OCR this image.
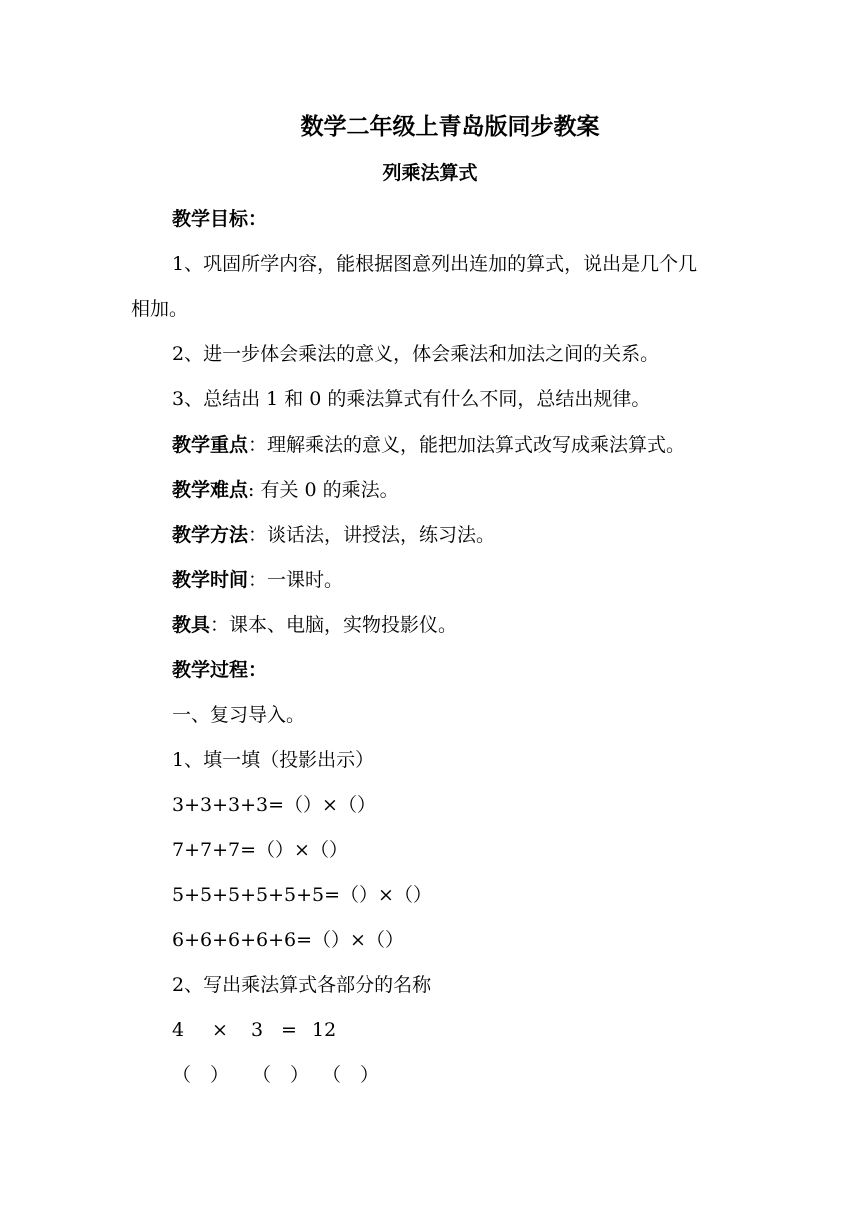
数学二年级上青岛版同步教案
列乘法算式
教学目标：
1、巩固所学内容，能根据图意列出连加的算式，说出是几个几
相加。
2、进一步体会乘法的意义，体会乘法和加法之间的关系。
3、总结出 1 和 0 的乘法算式有什么不同，总结出规律。
教学重点：理解乘法的意义，能把加法算式改写成乘法算式。
教学难点: 有关 0 的乘法。
教学方法：谈话法，讲授法，练习法。
教学时间：一课时。
教具：课本、电脑，实物投影仪。
教学过程：
一、复习导入。
1、填一填（投影出示）
3+3+3+3=（）×（）
7+7+7=（）×（）
5+5+5+5+5+5=（）×（）
6+6+6+6+6=（）×（）
2、写出乘法算式各部分的名称
4 × 3 = 12
（　） （　） （　）
